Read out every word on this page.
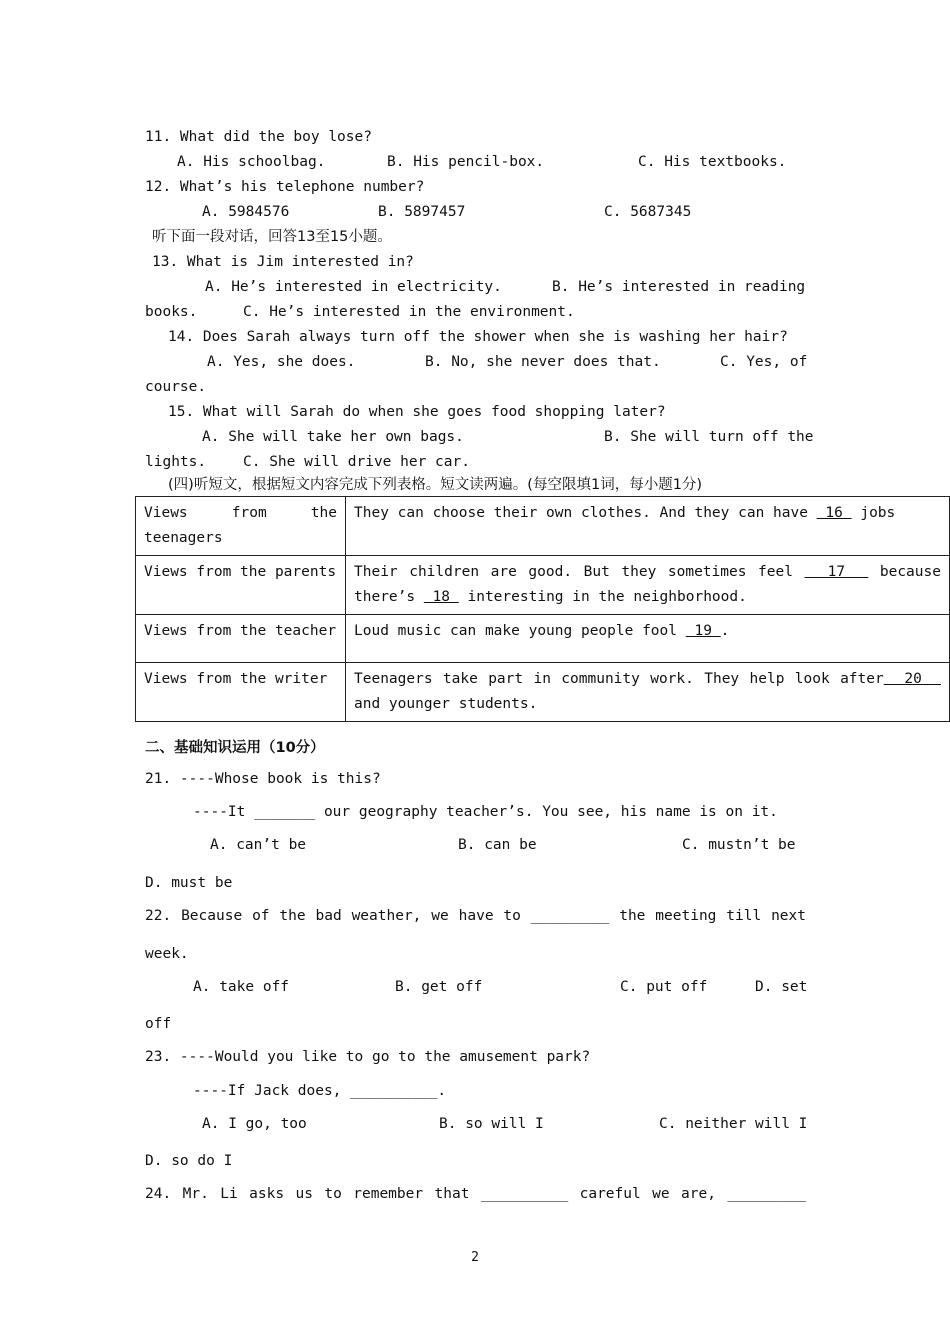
11. What did the boy lose?
A. His schoolbag.	B. His pencil-box.	C. His textbooks.
12. What’s his telephone number?
A. 5984576	B. 5897457	C. 5687345
听下面一段对话，回答13至15小题。
13. What is Jim interested in?
A. He’s interested in electricity.	B. He’s interested in reading
books.	C. He’s interested in the environment.
14. Does Sarah always turn off the shower when she is washing her hair?
A. Yes, she does.	B. No, she never does that.	C. Yes, of
course.
15. What will Sarah do when she goes food shopping later?
A. She will take her own bags.	B. She will turn off the
lights.	C. She will drive her car.
(四)听短文，根据短文内容完成下列表格。短文读两遍。(每空限填1词，每小题1分)
Views from the teenagers	They can choose their own clothes. And they can have  16  jobs
Views from the parents	Their children are good. But they sometimes feel   17   because there’s  18  interesting in the neighborhood.
Views from the teacher	Loud music can make young people fool  19 .
Views from the writer	Teenagers take part in community work. They help look after  20   and younger students.
二、基础知识运用（10分）
21. ----Whose book is this?
----It _______ our geography teacher’s. You see, his name is on it.
A. can’t be	B. can be	C. mustn’t be
D. must be
22. Because of the bad weather, we have to _________ the meeting till next
week.
A. take off	B. get off	C. put off	D. set
off
23. ----Would you like to go to the amusement park?
----If Jack does, __________.
A. I go, too	B. so will I	C. neither will I
D. so do I
24. Mr. Li asks us to remember that __________ careful we are, _________
2
